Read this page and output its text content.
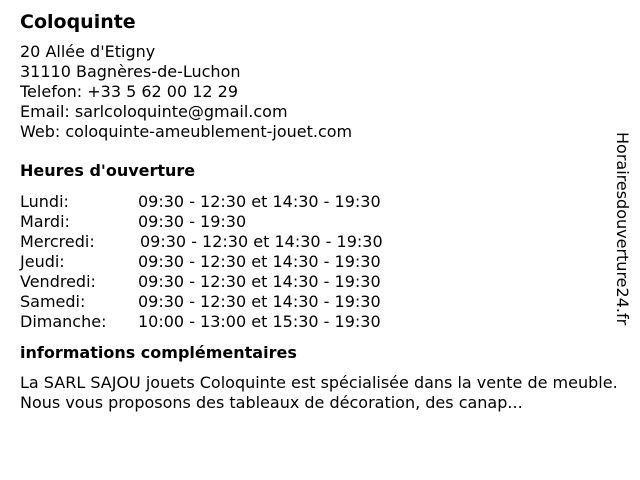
Coloquinte
20 Allée d'Etigny
31110 Bagnères-de-Luchon
Telefon: +33 5 62 00 12 29
Email: sarlcoloquinte@gmail.com
Web: coloquinte-ameublement-jouet.com
Heures d'ouverture
Lundi:	09:30 - 12:30 et 14:30 - 19:30
Mardi:	09:30 - 19:30
Mercredi:	09:30 - 12:30 et 14:30 - 19:30
Jeudi:	09:30 - 12:30 et 14:30 - 19:30
Vendredi:	09:30 - 12:30 et 14:30 - 19:30
Samedi:	09:30 - 12:30 et 14:30 - 19:30
Dimanche: 10:00 - 13:00 et 15:30 - 19:30
informations complémentaires
La SARL SAJOU jouets Coloquinte est spécialisée dans la vente de meuble. Nous vous proposons des tableaux de décoration, des canap...
Horairesdouverture24.fr
